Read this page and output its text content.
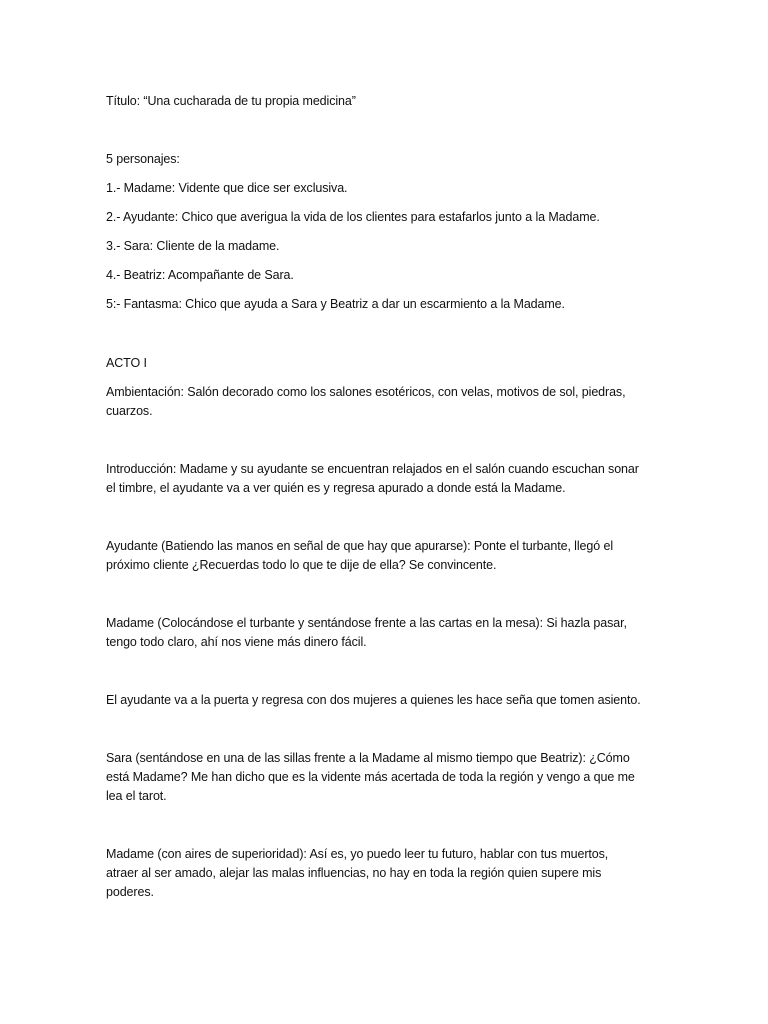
Título: “Una cucharada de tu propia medicina”

5 personajes:

1.- Madame: Vidente que dice ser exclusiva.

2.- Ayudante: Chico que averigua la vida de los clientes para estafarlos junto a la Madame.

3.- Sara: Cliente de la madame.

4.- Beatriz: Acompañante de Sara.

5:- Fantasma: Chico que ayuda a Sara y Beatriz a dar un escarmiento a la Madame.

ACTO I

Ambientación: Salón decorado como los salones esotéricos, con velas, motivos de sol, piedras,
cuarzos.

Introducción: Madame y su ayudante se encuentran relajados en el salón cuando escuchan sonar
el timbre, el ayudante va a ver quién es y regresa apurado a donde está la Madame.

Ayudante (Batiendo las manos en señal de que hay que apurarse): Ponte el turbante, llegó el
próximo cliente ¿Recuerdas todo lo que te dije de ella? Se convincente.

Madame (Colocándose el turbante y sentándose frente a las cartas en la mesa): Si hazla pasar,
tengo todo claro, ahí nos viene más dinero fácil.

El ayudante va a la puerta y regresa con dos mujeres a quienes les hace seña que tomen asiento.

Sara (sentándose en una de las sillas frente a la Madame al mismo tiempo que Beatriz): ¿Cómo
está Madame? Me han dicho que es la vidente más acertada de toda la región y vengo a que me
lea el tarot.

Madame (con aires de superioridad): Así es, yo puedo leer tu futuro, hablar con tus muertos,
atraer al ser amado, alejar las malas influencias, no hay en toda la región quien supere mis
poderes.
